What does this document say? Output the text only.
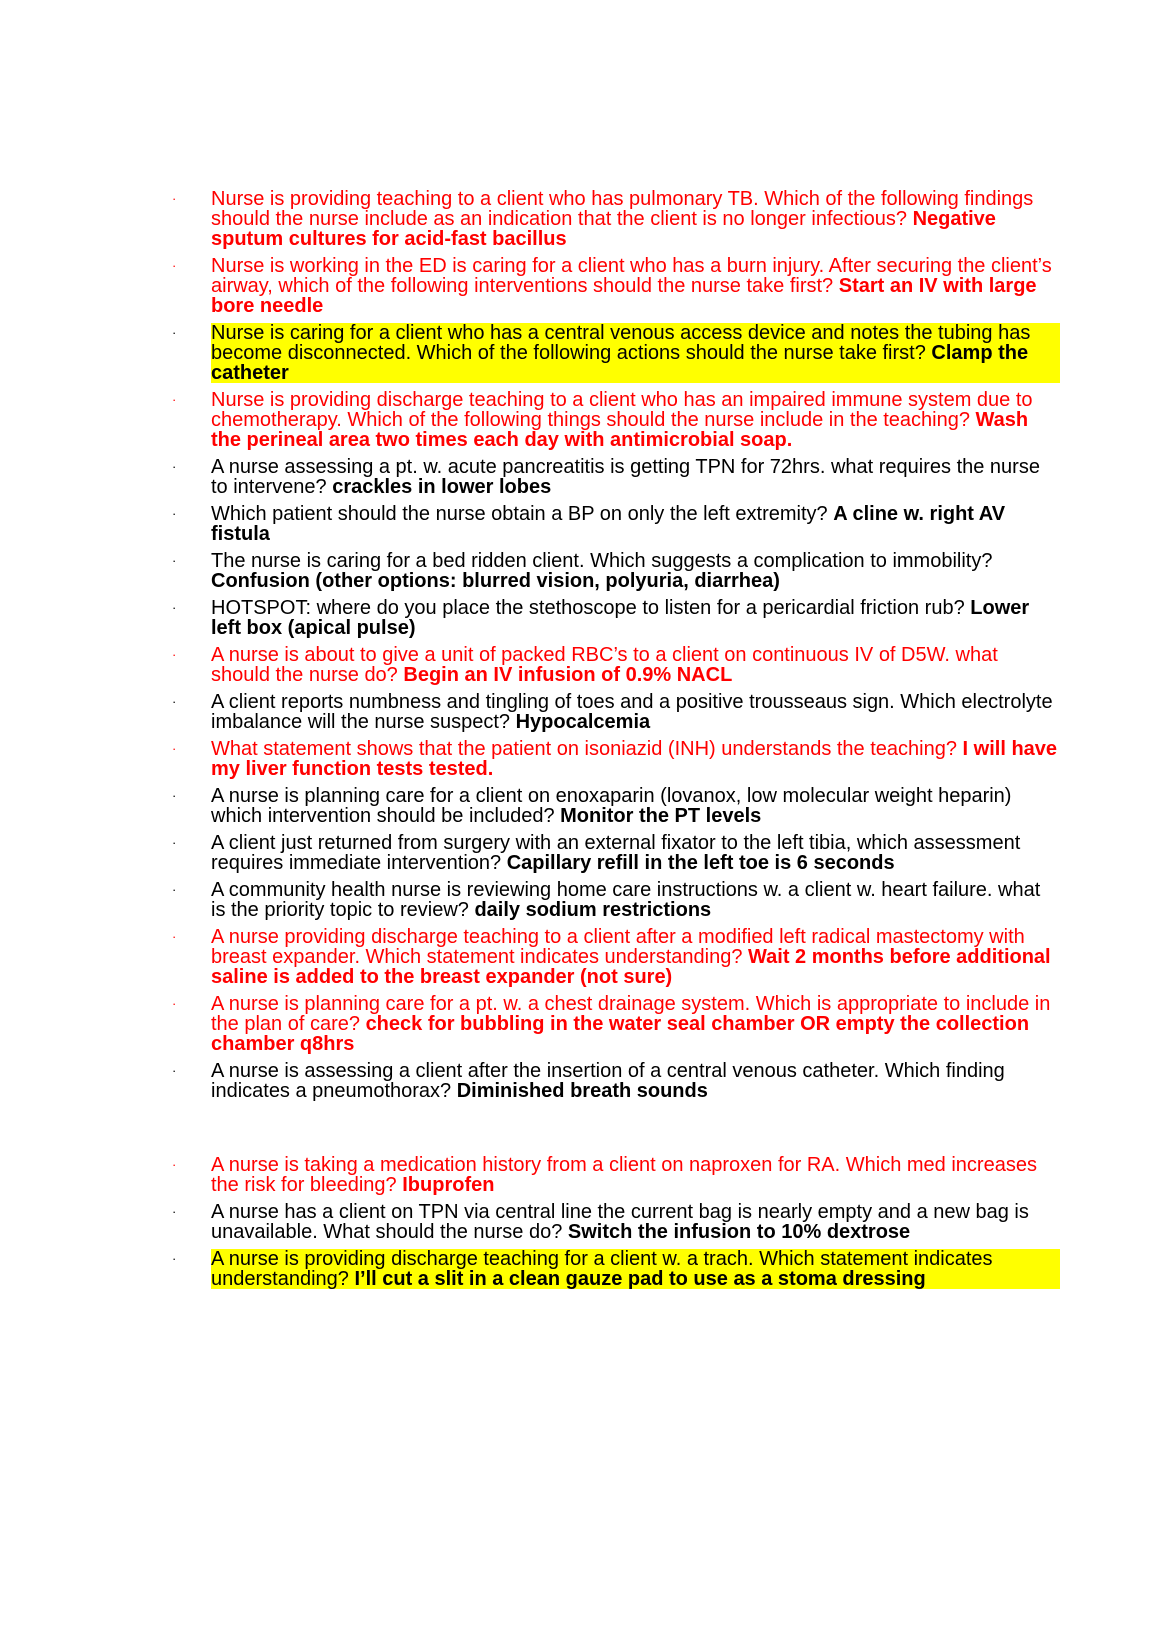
· Nurse is providing teaching to a client who has pulmonary TB. Which of the following findings should the nurse include as an indication that the client is no longer infectious? Negative sputum cultures for acid-fast bacillus
· Nurse is working in the ED is caring for a client who has a burn injury. After securing the client’s airway, which of the following interventions should the nurse take first? Start an IV with large bore needle
· Nurse is caring for a client who has a central venous access device and notes the tubing has become disconnected. Which of the following actions should the nurse take first? Clamp the catheter
· Nurse is providing discharge teaching to a client who has an impaired immune system due to chemotherapy. Which of the following things should the nurse include in the teaching? Wash the perineal area two times each day with antimicrobial soap.
· A nurse assessing a pt. w. acute pancreatitis is getting TPN for 72hrs. what requires the nurse to intervene? crackles in lower lobes
· Which patient should the nurse obtain a BP on only the left extremity? A cline w. right AV fistula
· The nurse is caring for a bed ridden client. Which suggests a complication to immobility? Confusion (other options: blurred vision, polyuria, diarrhea)
· HOTSPOT: where do you place the stethoscope to listen for a pericardial friction rub? Lower left box (apical pulse)
· A nurse is about to give a unit of packed RBC’s to a client on continuous IV of D5W. what should the nurse do? Begin an IV infusion of 0.9% NACL
· A client reports numbness and tingling of toes and a positive trousseaus sign. Which electrolyte imbalance will the nurse suspect? Hypocalcemia
· What statement shows that the patient on isoniazid (INH) understands the teaching? I will have my liver function tests tested.
· A nurse is planning care for a client on enoxaparin (lovanox, low molecular weight heparin) which intervention should be included? Monitor the PT levels
· A client just returned from surgery with an external fixator to the left tibia, which assessment requires immediate intervention? Capillary refill in the left toe is 6 seconds
· A community health nurse is reviewing home care instructions w. a client w. heart failure. what is the priority topic to review? daily sodium restrictions
· A nurse providing discharge teaching to a client after a modified left radical mastectomy with breast expander. Which statement indicates understanding? Wait 2 months before additional saline is added to the breast expander (not sure)
· A nurse is planning care for a pt. w. a chest drainage system. Which is appropriate to include in the plan of care? check for bubbling in the water seal chamber OR empty the collection chamber q8hrs
· A nurse is assessing a client after the insertion of a central venous catheter. Which finding indicates a pneumothorax? Diminished breath sounds
· A nurse is taking a medication history from a client on naproxen for RA. Which med increases the risk for bleeding? Ibuprofen
· A nurse has a client on TPN via central line the current bag is nearly empty and a new bag is unavailable. What should the nurse do? Switch the infusion to 10% dextrose
· A nurse is providing discharge teaching for a client w. a trach. Which statement indicates understanding? I’ll cut a slit in a clean gauze pad to use as a stoma dressing
